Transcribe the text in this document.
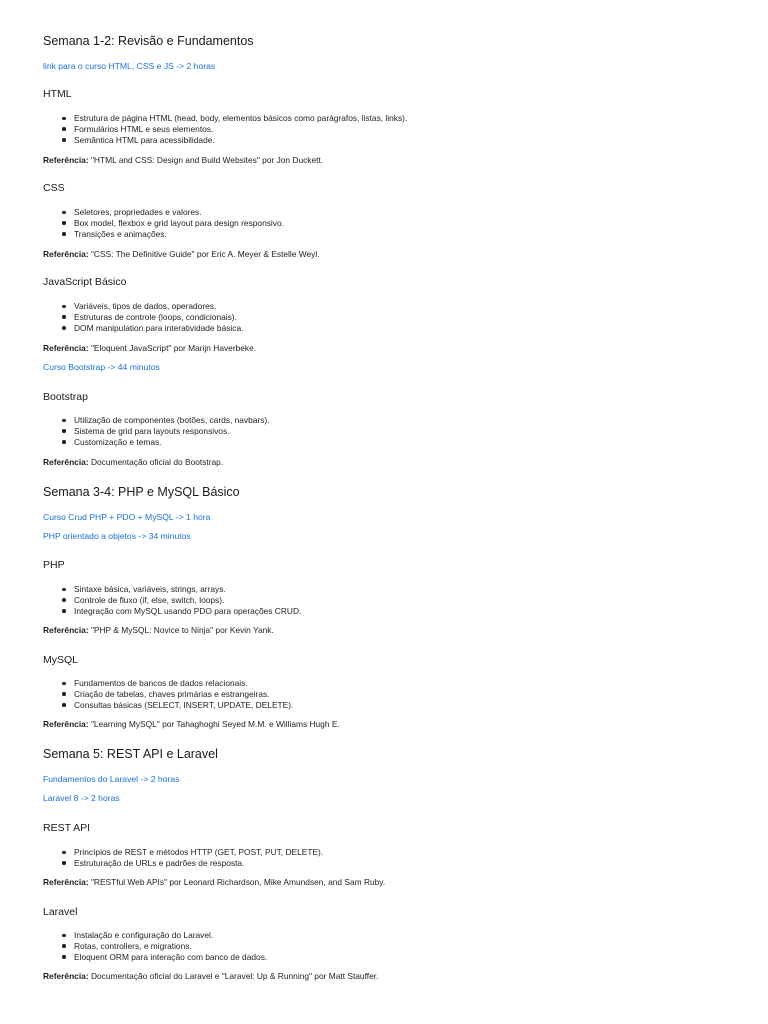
Semana 1-2: Revisão e Fundamentos
link para o curso HTML, CSS e JS -> 2 horas
HTML
Estrutura de página HTML (head, body, elementos básicos como parágrafos, listas, links).
Formulários HTML e seus elementos.
Semântica HTML para acessibilidade.
Referência: "HTML and CSS: Design and Build Websites" por Jon Duckett.
CSS
Seletores, propriedades e valores.
Box model, flexbox e grid layout para design responsivo.
Transições e animações.
Referência: "CSS: The Definitive Guide" por Eric A. Meyer & Estelle Weyl.
JavaScript Básico
Variáveis, tipos de dados, operadores.
Estruturas de controle (loops, condicionais).
DOM manipulation para interatividade básica.
Referência: "Eloquent JavaScript" por Marijn Haverbeke.
Curso Bootstrap -> 44 minutos
Bootstrap
Utilização de componentes (botões, cards, navbars).
Sistema de grid para layouts responsivos.
Customização e temas.
Referência: Documentação oficial do Bootstrap.
Semana 3-4: PHP e MySQL Básico
Curso Crud PHP + PDO + MySQL -> 1 hora
PHP orientado a objetos -> 34 minutos
PHP
Sintaxe básica, variáveis, strings, arrays.
Controle de fluxo (if, else, switch, loops).
Integração com MySQL usando PDO para operações CRUD.
Referência: "PHP & MySQL: Novice to Ninja" por Kevin Yank.
MySQL
Fundamentos de bancos de dados relacionais.
Criação de tabelas, chaves primárias e estrangeiras.
Consultas básicas (SELECT, INSERT, UPDATE, DELETE).
Referência: "Learning MySQL" por Tahaghoghi Seyed M.M. e Williams Hugh E.
Semana 5: REST API e Laravel
Fundamentos do Laravel -> 2 horas
Laravel 8 -> 2 horas
REST API
Princípios de REST e métodos HTTP (GET, POST, PUT, DELETE).
Estruturação de URLs e padrões de resposta.
Referência: "RESTful Web APIs" por Leonard Richardson, Mike Amundsen, and Sam Ruby.
Laravel
Instalação e configuração do Laravel.
Rotas, controllers, e migrations.
Eloquent ORM para interação com banco de dados.
Referência: Documentação oficial do Laravel e "Laravel: Up & Running" por Matt Stauffer.
